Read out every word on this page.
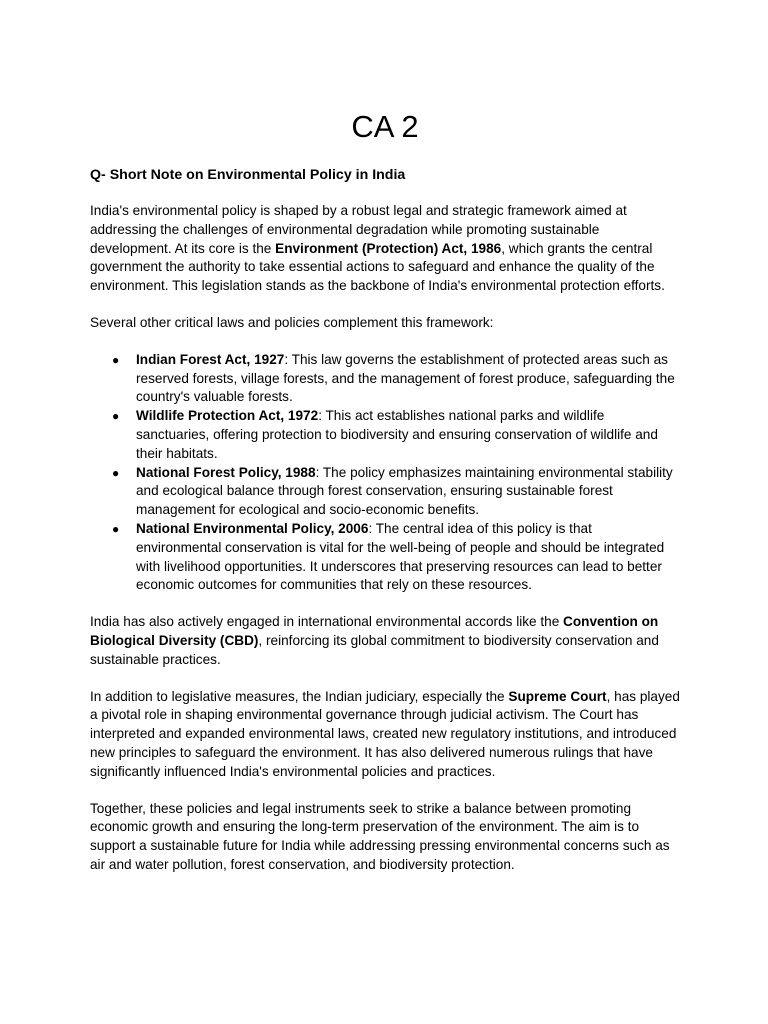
CA 2
Q- Short Note on Environmental Policy in India

India's environmental policy is shaped by a robust legal and strategic framework aimed at addressing the challenges of environmental degradation while promoting sustainable development. At its core is the Environment (Protection) Act, 1986, which grants the central government the authority to take essential actions to safeguard and enhance the quality of the environment. This legislation stands as the backbone of India's environmental protection efforts.

Several other critical laws and policies complement this framework:

● Indian Forest Act, 1927: This law governs the establishment of protected areas such as reserved forests, village forests, and the management of forest produce, safeguarding the country's valuable forests.
● Wildlife Protection Act, 1972: This act establishes national parks and wildlife sanctuaries, offering protection to biodiversity and ensuring conservation of wildlife and their habitats.
● National Forest Policy, 1988: The policy emphasizes maintaining environmental stability and ecological balance through forest conservation, ensuring sustainable forest management for ecological and socio-economic benefits.
● National Environmental Policy, 2006: The central idea of this policy is that environmental conservation is vital for the well-being of people and should be integrated with livelihood opportunities. It underscores that preserving resources can lead to better economic outcomes for communities that rely on these resources.

India has also actively engaged in international environmental accords like the Convention on Biological Diversity (CBD), reinforcing its global commitment to biodiversity conservation and sustainable practices.

In addition to legislative measures, the Indian judiciary, especially the Supreme Court, has played a pivotal role in shaping environmental governance through judicial activism. The Court has interpreted and expanded environmental laws, created new regulatory institutions, and introduced new principles to safeguard the environment. It has also delivered numerous rulings that have significantly influenced India's environmental policies and practices.

Together, these policies and legal instruments seek to strike a balance between promoting economic growth and ensuring the long-term preservation of the environment. The aim is to support a sustainable future for India while addressing pressing environmental concerns such as air and water pollution, forest conservation, and biodiversity protection.
